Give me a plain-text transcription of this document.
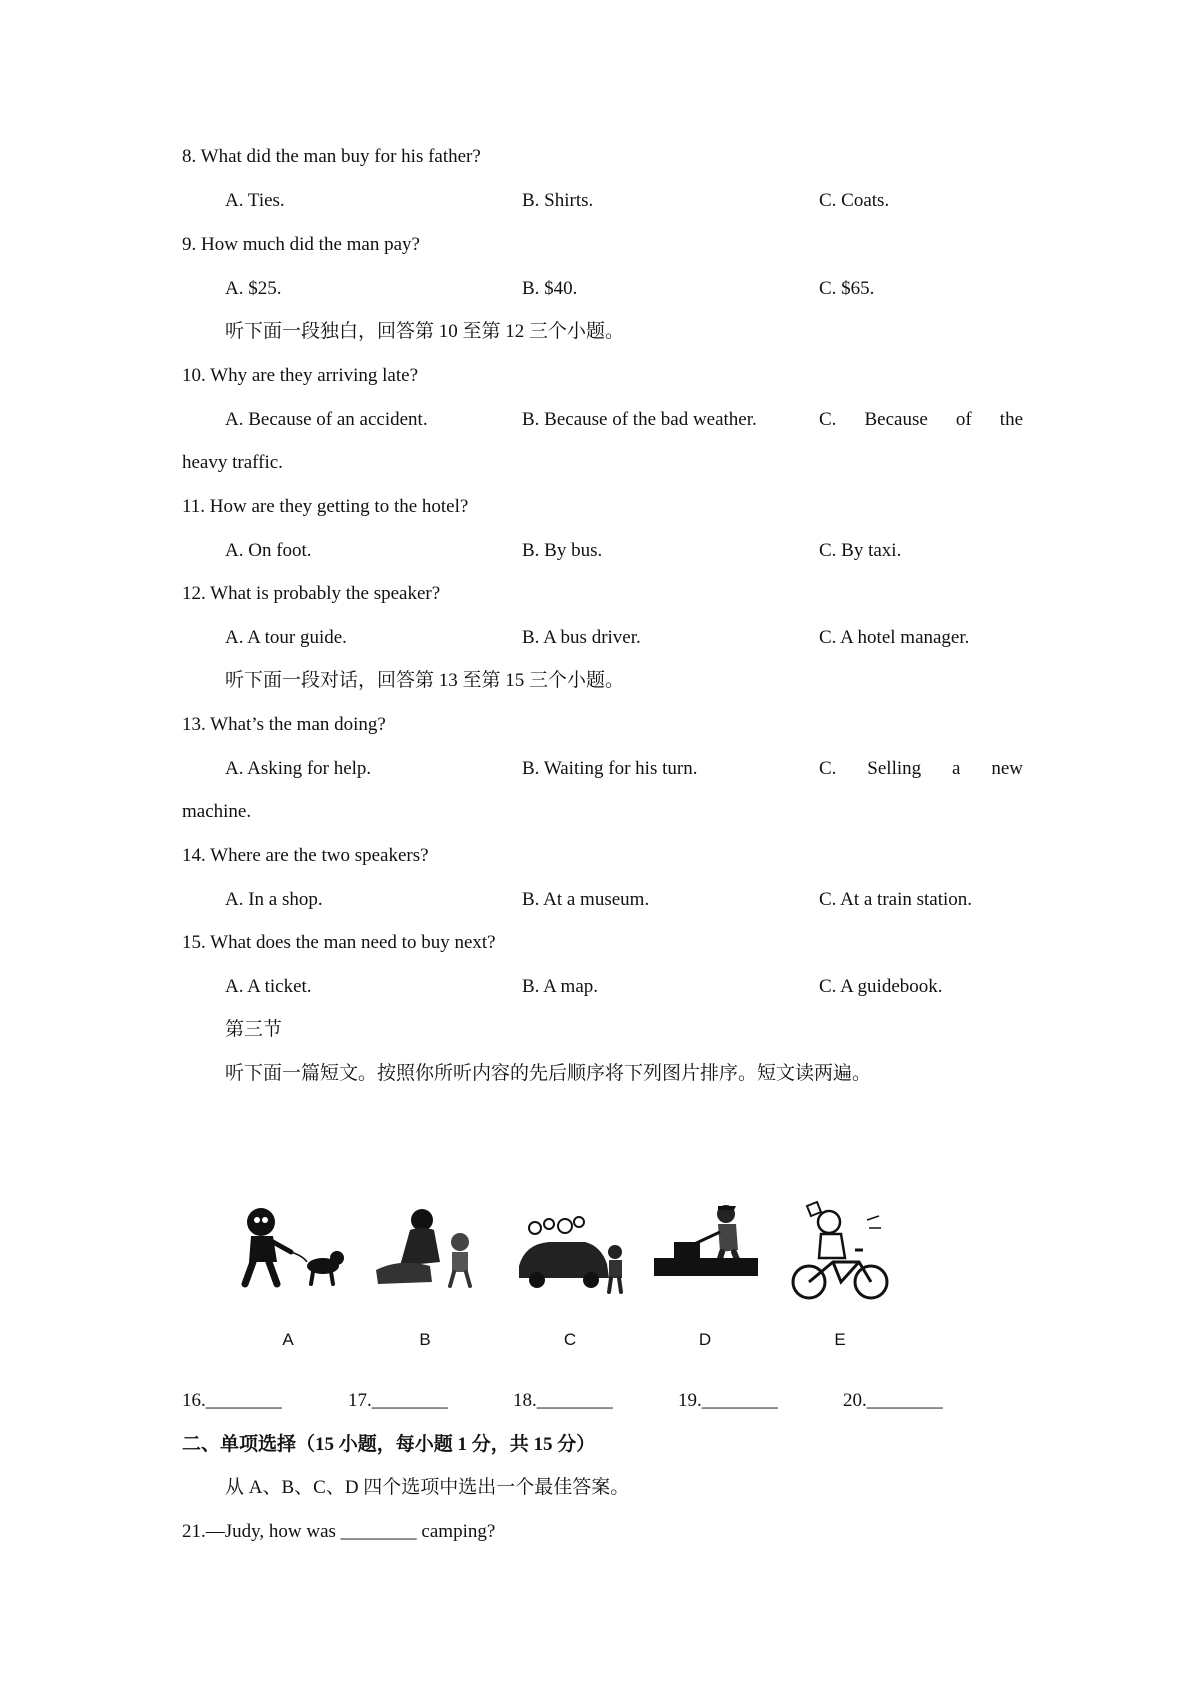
8. What did the man buy for his father?
A. Ties.	B. Shirts.	C. Coats.
9. How much did the man pay?
A. $25.	B. $40.	C. $65.
听下面一段独白，回答第 10 至第 12 三个小题。
10. Why are they arriving late?
A. Because of an accident.	B. Because of the bad weather.	C. Because of the
heavy traffic.
11. How are they getting to the hotel?
A. On foot.	B. By bus.	C. By taxi.
12. What is probably the speaker?
A. A tour guide.	B. A bus driver.	C. A hotel manager.
听下面一段对话，回答第 13 至第 15 三个小题。
13. What’s the man doing?
A. Asking for help.	B. Waiting for his turn.	C. Selling a new
machine.
14. Where are the two speakers?
A. In a shop.	B. At a museum.	C. At a train station.
15. What does the man need to buy next?
A. A ticket.	B. A map.	C. A guidebook.
第三节
听下面一篇短文。按照你所听内容的先后顺序将下列图片排序。短文读两遍。
A	B	C	D	E
16.________	17.________	18.________	19.________	20.________
二、单项选择（15 小题，每小题 1 分，共 15 分）
从 A、B、C、D 四个选项中选出一个最佳答案。
21.—Judy, how was ________ camping?
